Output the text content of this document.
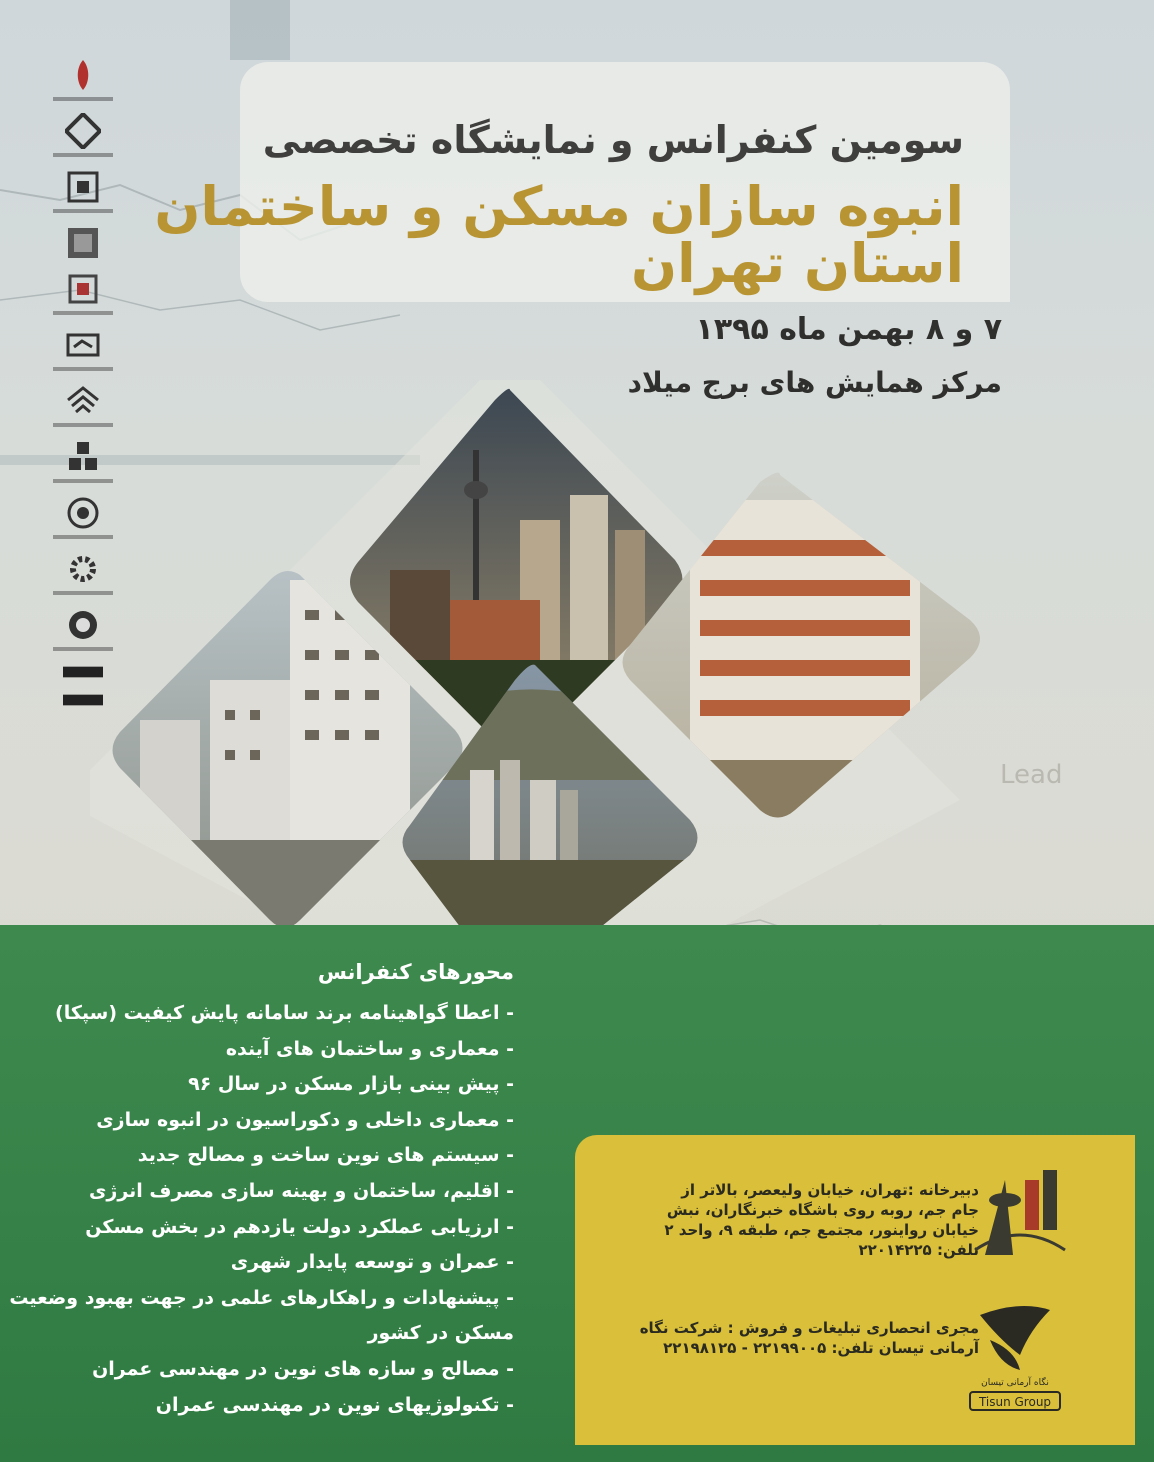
Lead
سومین کنفرانس و نمایشگاه تخصصی
انبوه سازان مسکن و ساختمان
استان تهران
۷ و ۸ بهمن ماه ۱۳۹۵
مرکز همایش های برج میلاد
محورهای کنفرانس
- اعطا گواهینامه برند سامانه پایش کیفیت (سپکا)
- معماری و ساختمان های آینده
- پیش بینی بازار مسکن در سال ۹۶
- معماری داخلی و دکوراسیون در انبوه سازی
- سیستم های نوین ساخت و مصالح جدید
- اقلیم، ساختمان و بهینه سازی مصرف انرژی
- ارزیابی عملکرد دولت یازدهم در بخش مسکن
- عمران و توسعه پایدار شهری
- پیشنهادات و راهکارهای علمی در جهت بهبود وضعیت
مسکن در کشور
- مصالح و سازه های نوین در مهندسی عمران
- تکنولوژیهای نوین در مهندسی عمران
دبیرخانه :تهران، خیابان ولیعصر، بالاتر از
جام جم، روبه روی باشگاه خبرنگاران، نبش
خیابان رواینور، مجتمع جم، طبقه ۹، واحد ۲
تلفن: ۲۲۰۱۴۲۲۵
مجری انحصاری تبلیغات و فروش : شرکت نگاه
آرمانی تیسان تلفن: ۲۲۱۹۹۰۰۵ - ۲۲۱۹۸۱۲۵
نگاه آرمانی تیسان
Tisun Group
